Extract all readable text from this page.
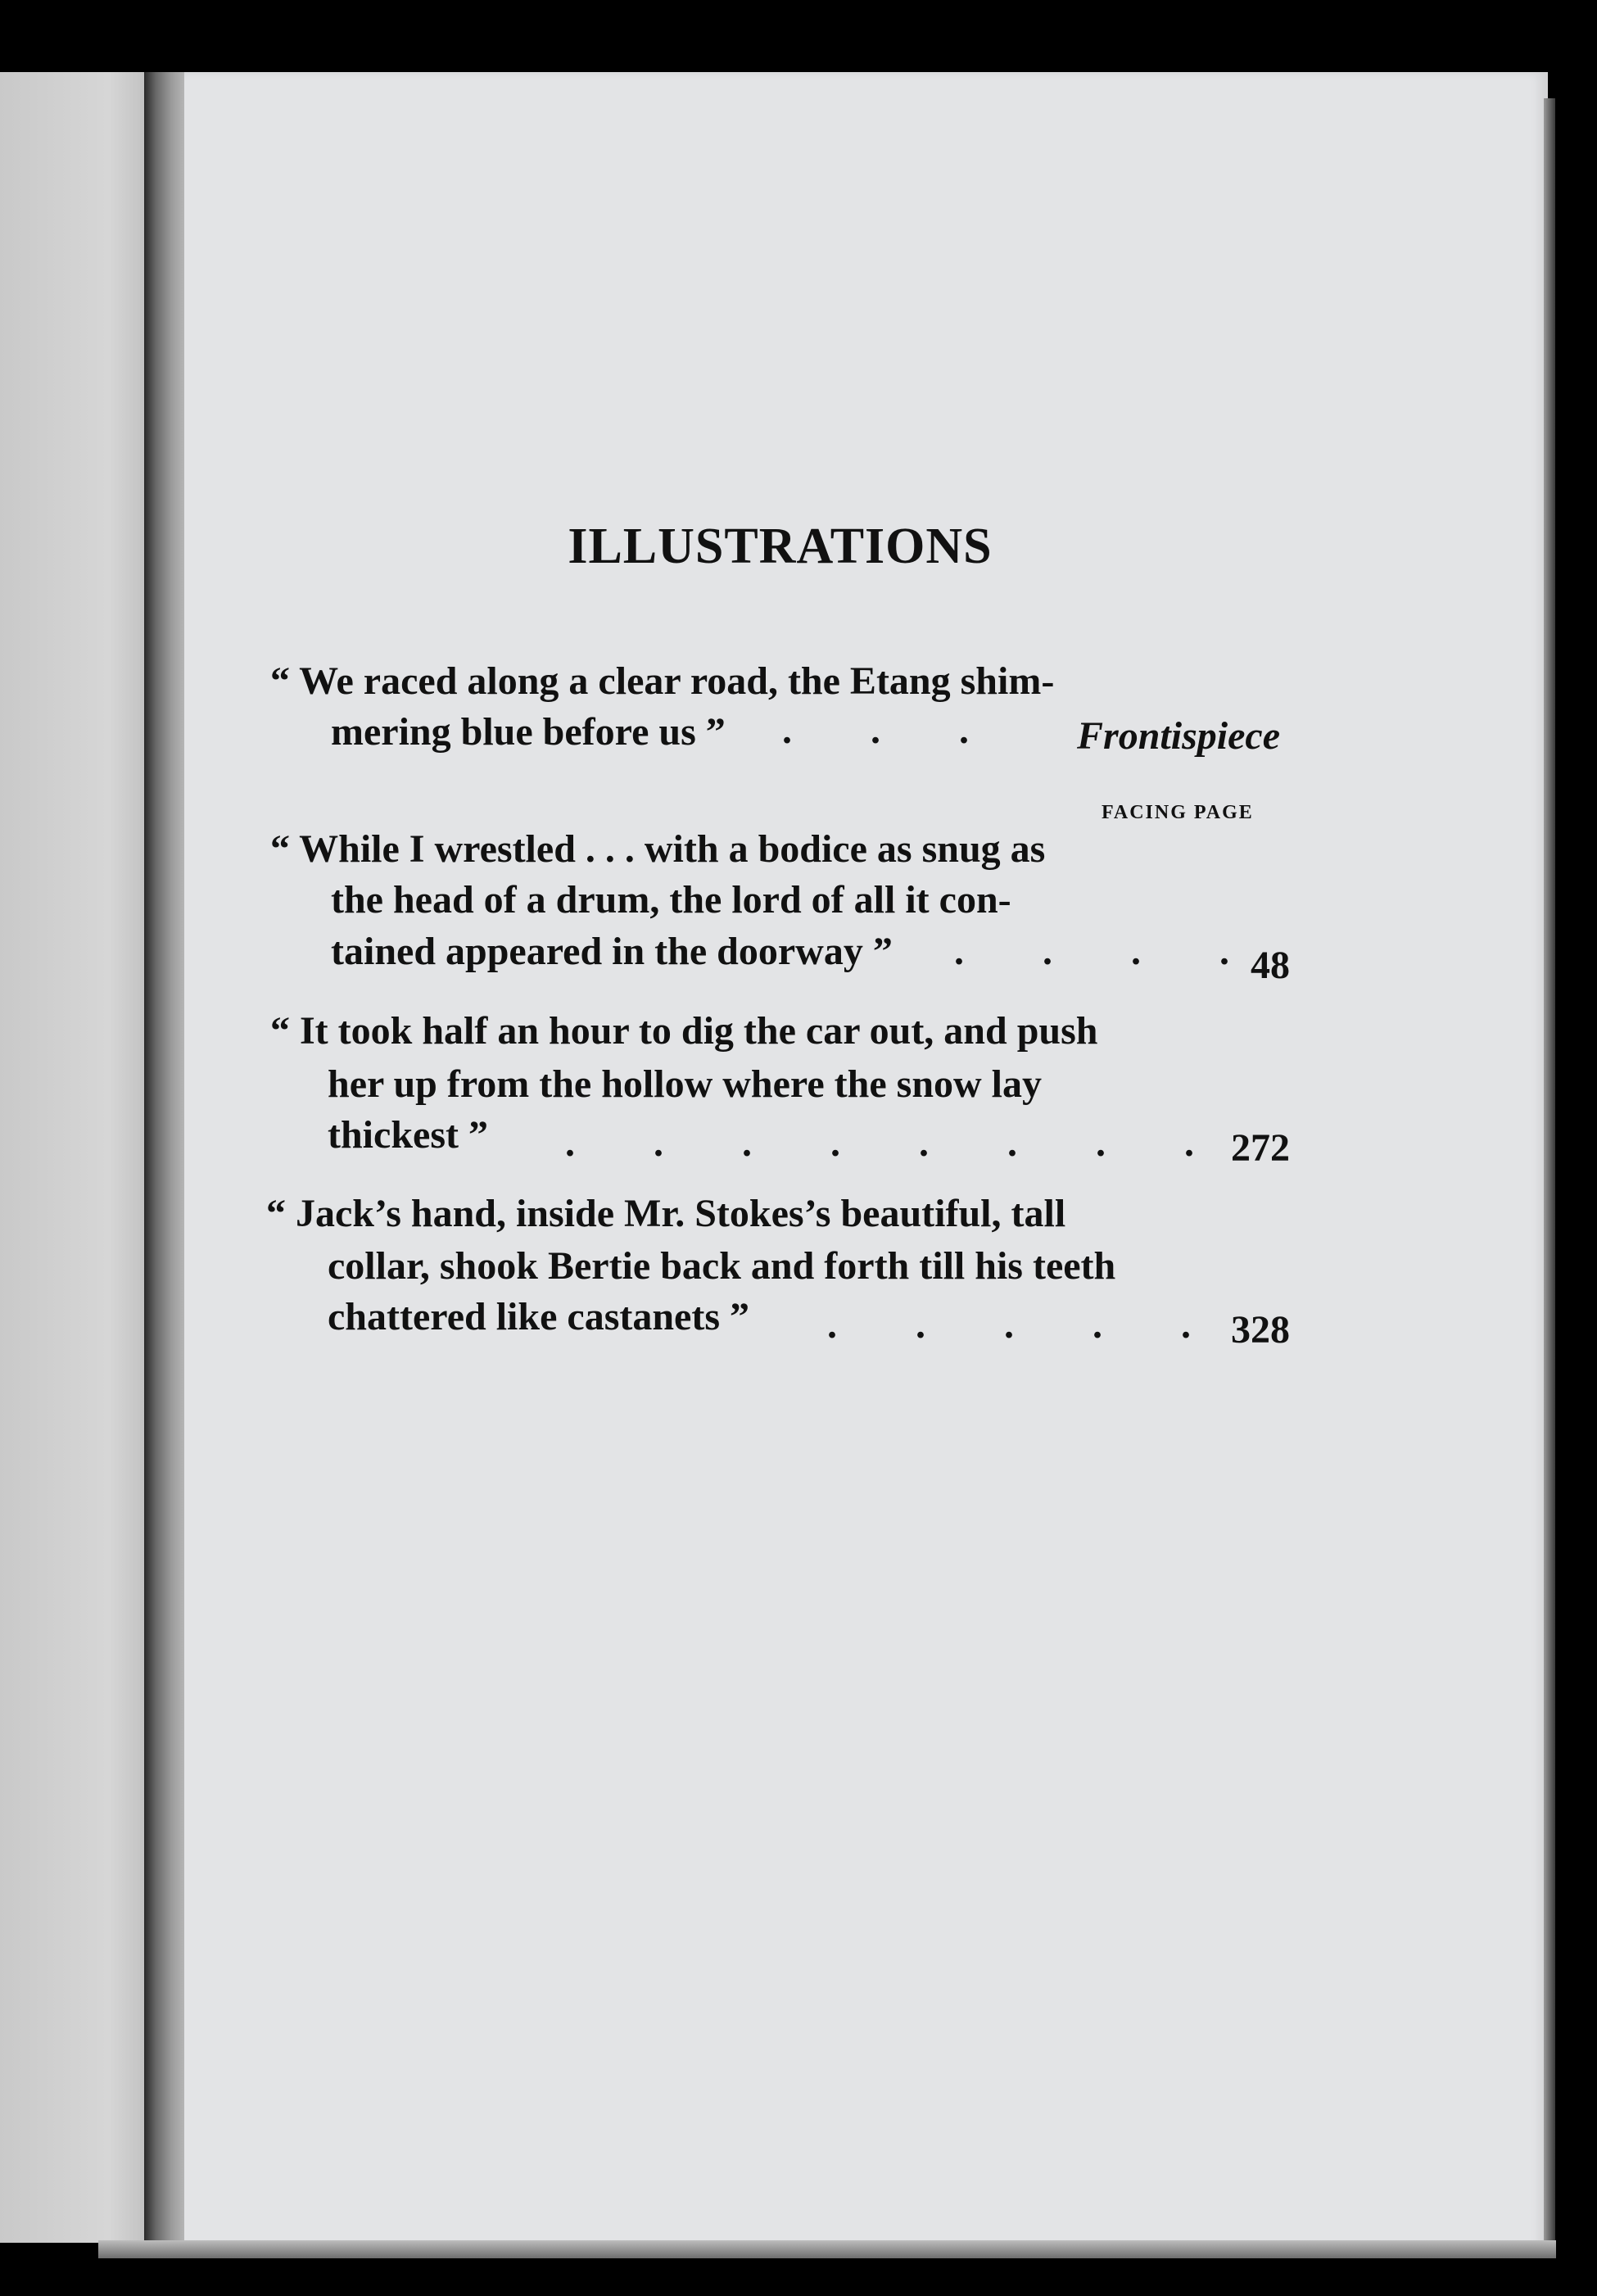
ILLUSTRATIONS
“ We raced along a clear road, the Etang shim-
mering blue before us ” .        .        .	Frontispiece
FACING PAGE
“ While I wrestled . . . with a bodice as snug as
the head of a drum, the lord of all it con-
tained appeared in the doorway ” .        .        .        . 48
“ It took half an hour to dig the car out, and push
her up from the hollow where the snow lay
thickest ” .        .        .        .        .        .        .        . 272
“ Jack’s hand, inside Mr. Stokes’s beautiful, tall
collar, shook Bertie back and forth till his teeth
chattered like castanets ” .        .        .        .        .	328
